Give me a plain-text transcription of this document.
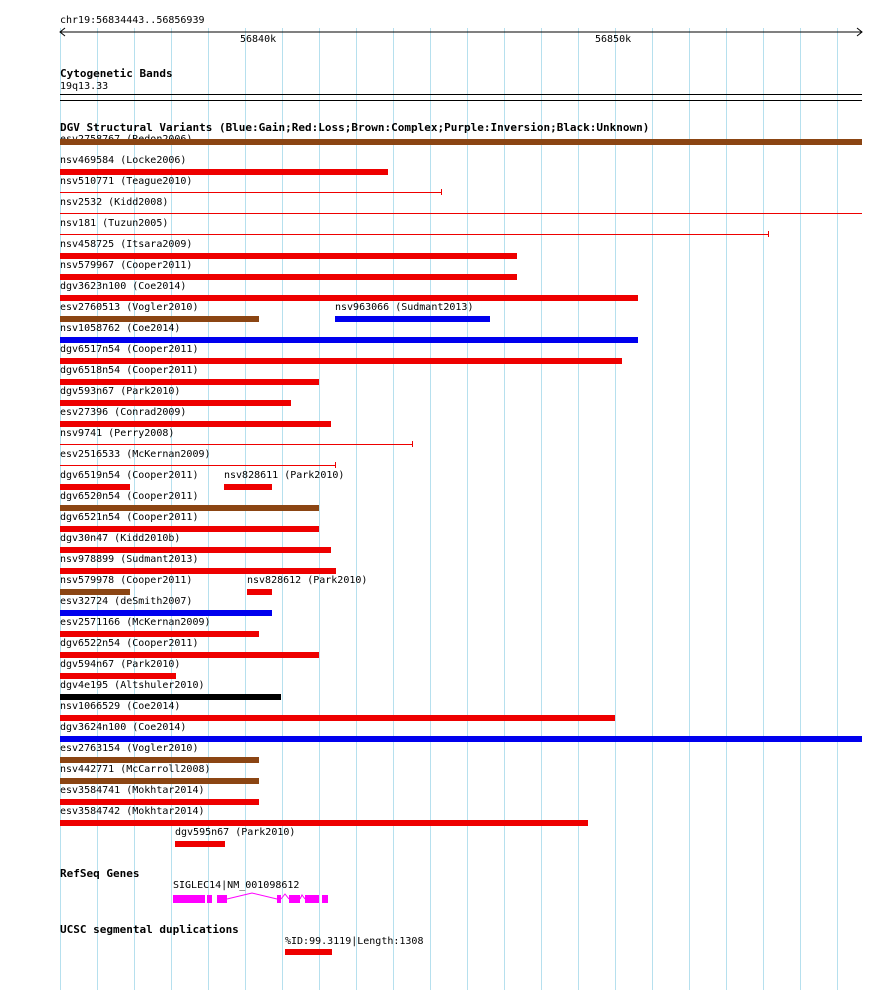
chr19:56834443..56856939
56840k	56850k
Cytogenetic Bands
19q13.33
DGV Structural Variants (Blue:Gain;Red:Loss;Brown:Complex;Purple:Inversion;Black:Unknown)
RefSeq Genes
SIGLEC14|NM_001098612
UCSC segmental duplications
%ID:99.3119|Length:1308
nsv469584 (Locke2006)
nsv510771 (Teague2010)
nsv2532 (Kidd2008)
nsv181 (Tuzun2005)
nsv458725 (Itsara2009)
nsv579967 (Cooper2011)
dgv3623n100 (Coe2014)
esv2760513 (Vogler2010)	nsv963066 (Sudmant2013)
nsv1058762 (Coe2014)
dgv6517n54 (Cooper2011)
dgv6518n54 (Cooper2011)
dgv593n67 (Park2010)
esv27396 (Conrad2009)
nsv9741 (Perry2008)
esv2516533 (McKernan2009)
dgv6519n54 (Cooper2011)	nsv828611 (Park2010)
dgv6520n54 (Cooper2011)
dgv6521n54 (Cooper2011)
dgv30n47 (Kidd2010b)
nsv978899 (Sudmant2013)
nsv579978 (Cooper2011)	nsv828612 (Park2010)
esv32724 (deSmith2007)
esv2571166 (McKernan2009)
dgv6522n54 (Cooper2011)
dgv594n67 (Park2010)
dgv4e195 (Altshuler2010)
nsv1066529 (Coe2014)
dgv3624n100 (Coe2014)
esv2763154 (Vogler2010)
nsv442771 (McCarroll2008)
esv3584741 (Mokhtar2014)
esv3584742 (Mokhtar2014)
dgv595n67 (Park2010)
